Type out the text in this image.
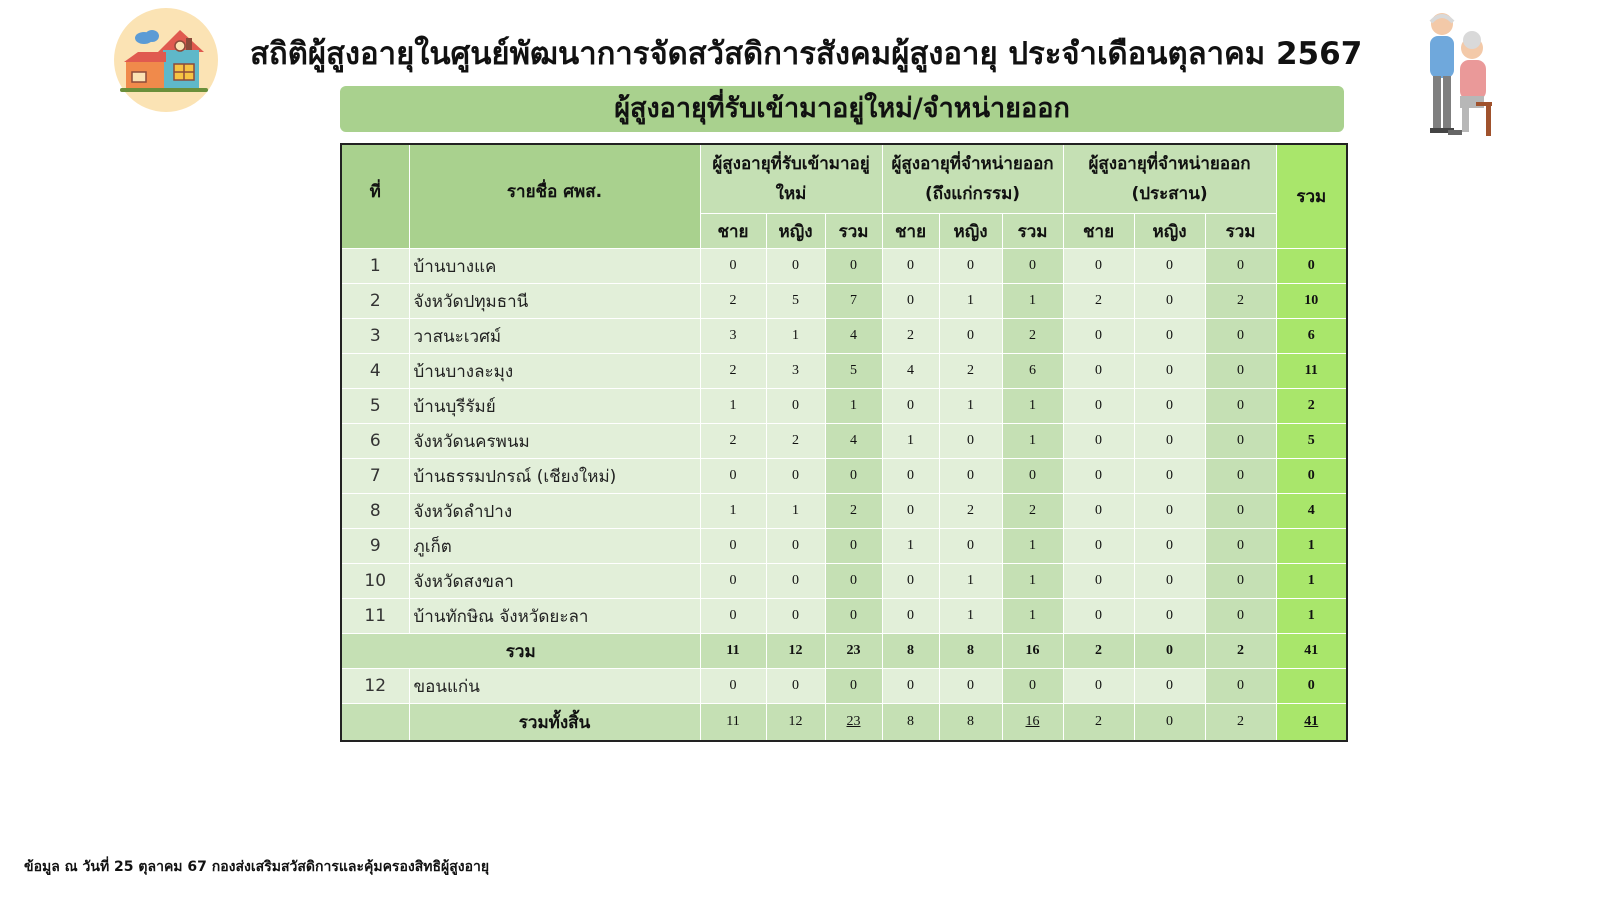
สถิติผู้สูงอายุในศูนย์พัฒนาการจัดสวัสดิการสังคมผู้สูงอายุ ประจำเดือนตุลาคม 2567
ผู้สูงอายุที่รับเข้ามาอยู่ใหม่/จำหน่ายออก
ที่	รายชื่อ ศพส.	ผู้สูงอายุที่รับเข้ามาอยู่ใหม่			ผู้สูงอายุที่จำหน่ายออก (ถึงแก่กรรม)			ผู้สูงอายุที่จำหน่ายออก (ประสาน)			รวม
		ชาย	หญิง	รวม	ชาย	หญิง	รวม	ชาย	หญิง	รวม	
1	บ้านบางแค	0	0	0	0	0	0	0	0	0	0
2	จังหวัดปทุมธานี	2	5	7	0	1	1	2	0	2	10
3	วาสนะเวศม์	3	1	4	2	0	2	0	0	0	6
4	บ้านบางละมุง	2	3	5	4	2	6	0	0	0	11
5	บ้านบุรีรัมย์	1	0	1	0	1	1	0	0	0	2
6	จังหวัดนครพนม	2	2	4	1	0	1	0	0	0	5
7	บ้านธรรมปกรณ์ (เชียงใหม่)	0	0	0	0	0	0	0	0	0	0
8	จังหวัดลำปาง	1	1	2	0	2	2	0	0	0	4
9	ภูเก็ต	0	0	0	1	0	1	0	0	0	1
10	จังหวัดสงขลา	0	0	0	0	1	1	0	0	0	1
11	บ้านทักษิณ จังหวัดยะลา	0	0	0	0	1	1	0	0	0	1
รวม		11	12	23	8	8	16	2	0	2	41
12	ขอนแก่น	0	0	0	0	0	0	0	0	0	0
	รวมทั้งสิ้น	11	12	23	8	8	16	2	0	2	41
ข้อมูล ณ วันที่ 25 ตุลาคม 67 กองส่งเสริมสวัสดิการและคุ้มครองสิทธิผู้สูงอายุ
